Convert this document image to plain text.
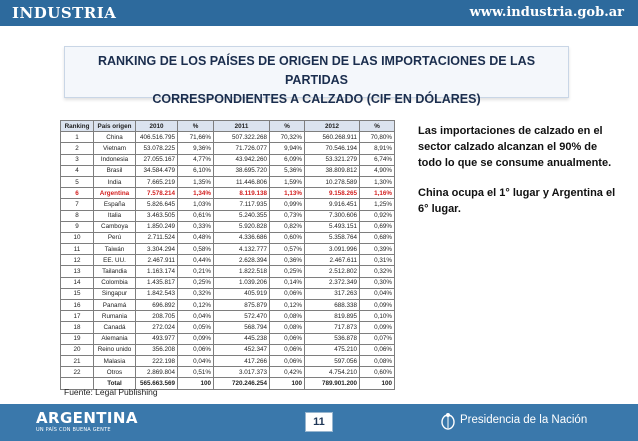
INDUSTRIA	www.industria.gob.ar
RANKING DE LOS PAÍSES DE ORIGEN DE LAS IMPORTACIONES DE LAS PARTIDAS
CORRESPONDIENTES A CALZADO (CIF EN DÓLARES)
Ranking	País origen	2010	%	2011	%	2012	%
1	China	406.516.795	71,66%	507.322.268	70,32%	560.268.911	70,80%
2	Vietnam	53.078.225	9,36%	71.726.077	9,94%	70.546.194	8,91%
3	Indonesia	27.055.167	4,77%	43.942.260	6,09%	53.321.279	6,74%
4	Brasil	34.584.479	6,10%	38.695.720	5,36%	38.809.812	4,90%
5	India	7.665.219	1,35%	11.446.806	1,59%	10.278.589	1,30%
6	Argentina	7.578.214	1,34%	8.119.138	1,13%	9.158.265	1,16%
7	España	5.826.645	1,03%	7.117.935	0,99%	9.916.451	1,25%
8	Italia	3.463.505	0,61%	5.240.355	0,73%	7.300.606	0,92%
9	Camboya	1.850.249	0,33%	5.920.828	0,82%	5.493.151	0,69%
10	Perú	2.711.524	0,48%	4.336.686	0,60%	5.358.764	0,68%
11	Taiwán	3.304.294	0,58%	4.132.777	0,57%	3.091.996	0,39%
12	EE. UU.	2.467.911	0,44%	2.628.394	0,36%	2.467.611	0,31%
13	Tailandia	1.163.174	0,21%	1.822.518	0,25%	2.512.802	0,32%
14	Colombia	1.435.817	0,25%	1.039.206	0,14%	2.372.349	0,30%
15	Singapur	1.842.543	0,32%	405.919	0,06%	317.263	0,04%
16	Panamá	696.892	0,12%	875.879	0,12%	688.338	0,09%
17	Rumania	208.705	0,04%	572.470	0,08%	819.895	0,10%
18	Canadá	272.024	0,05%	568.794	0,08%	717.873	0,09%
19	Alemania	493.977	0,09%	445.238	0,06%	536.878	0,07%
20	Reino unido	356.208	0,06%	452.347	0,06%	475.210	0,06%
21	Malasia	222.198	0,04%	417.266	0,06%	597.056	0,08%
22	Otros	2.869.804	0,51%	3.017.373	0,42%	4.754.210	0,60%
	Total	565.663.569	100	720.246.254	100	789.901.200	100
Las importaciones de calzado en el sector calzado alcanzan el 90% de todo lo que se consume anualmente.
China ocupa el 1° lugar y Argentina el 6° lugar.
Fuente: Legal Publishing
ARGENTINA
UN PAÍS CON BUENA GENTE
11	Presidencia de la Nación
